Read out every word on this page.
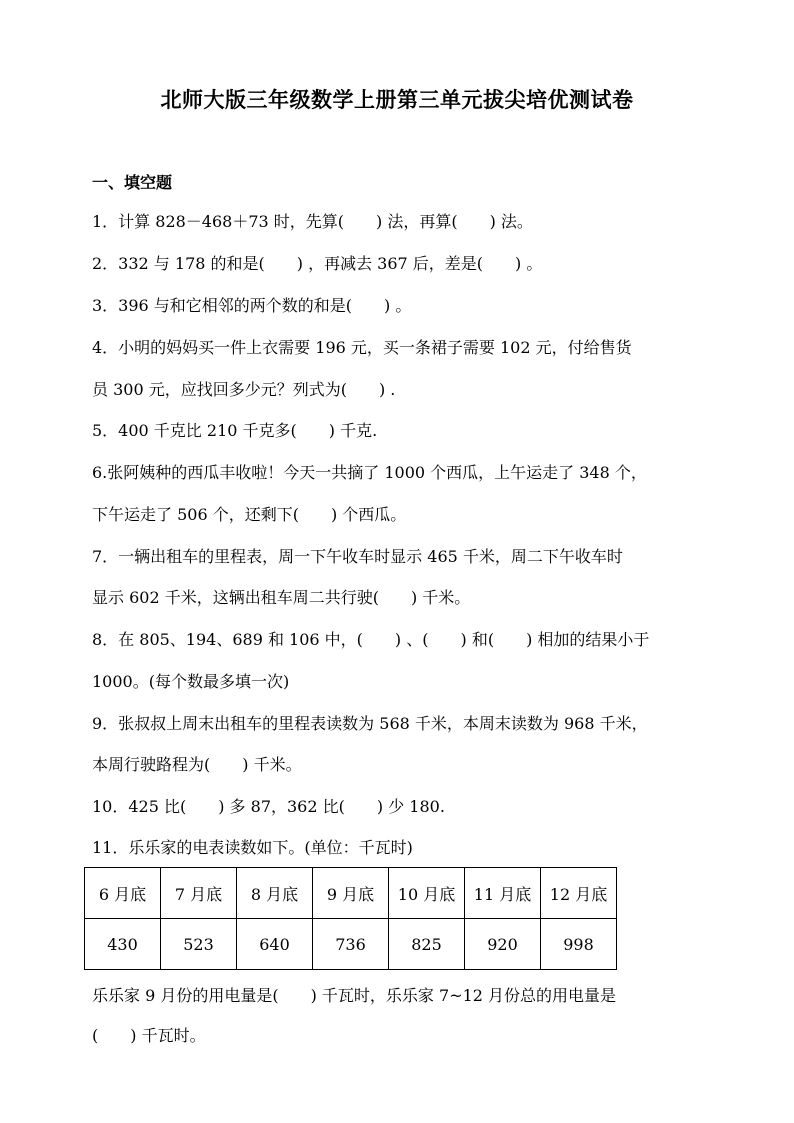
北师大版三年级数学上册第三单元拔尖培优测试卷
一、填空题
1．计算 828－468＋73 时，先算(　　) 法，再算(　　) 法。
2．332 与 178 的和是(　　) ，再减去 367 后，差是(　　) 。
3．396 与和它相邻的两个数的和是(　　) 。
4．小明的妈妈买一件上衣需要 196 元，买一条裙子需要 102 元，付给售货
员 300 元，应找回多少元？列式为(　　) .
5．400 千克比 210 千克多(　　) 千克.
6.张阿姨种的西瓜丰收啦！今天一共摘了 1000 个西瓜，上午运走了 348 个，
下午运走了 506 个，还剩下(　　) 个西瓜。
7．一辆出租车的里程表，周一下午收车时显示 465 千米，周二下午收车时
显示 602 千米，这辆出租车周二共行驶(　　) 千米。
8．在 805、194、689 和 106 中，(　　) 、(　　) 和(　　) 相加的结果小于
1000。(每个数最多填一次)
9．张叔叔上周末出租车的里程表读数为 568 千米，本周末读数为 968 千米，
本周行驶路程为(　　) 千米。
10．425 比(　　) 多 87，362 比(　　) 少 180.
11．乐乐家的电表读数如下。(单位：千瓦时)
6 月底	7 月底	8 月底	9 月底	10 月底	11 月底	12 月底
430	523	640	736	825	920	998
乐乐家 9 月份的用电量是(　　) 千瓦时，乐乐家 7~12 月份总的用电量是
(　　) 千瓦时。
